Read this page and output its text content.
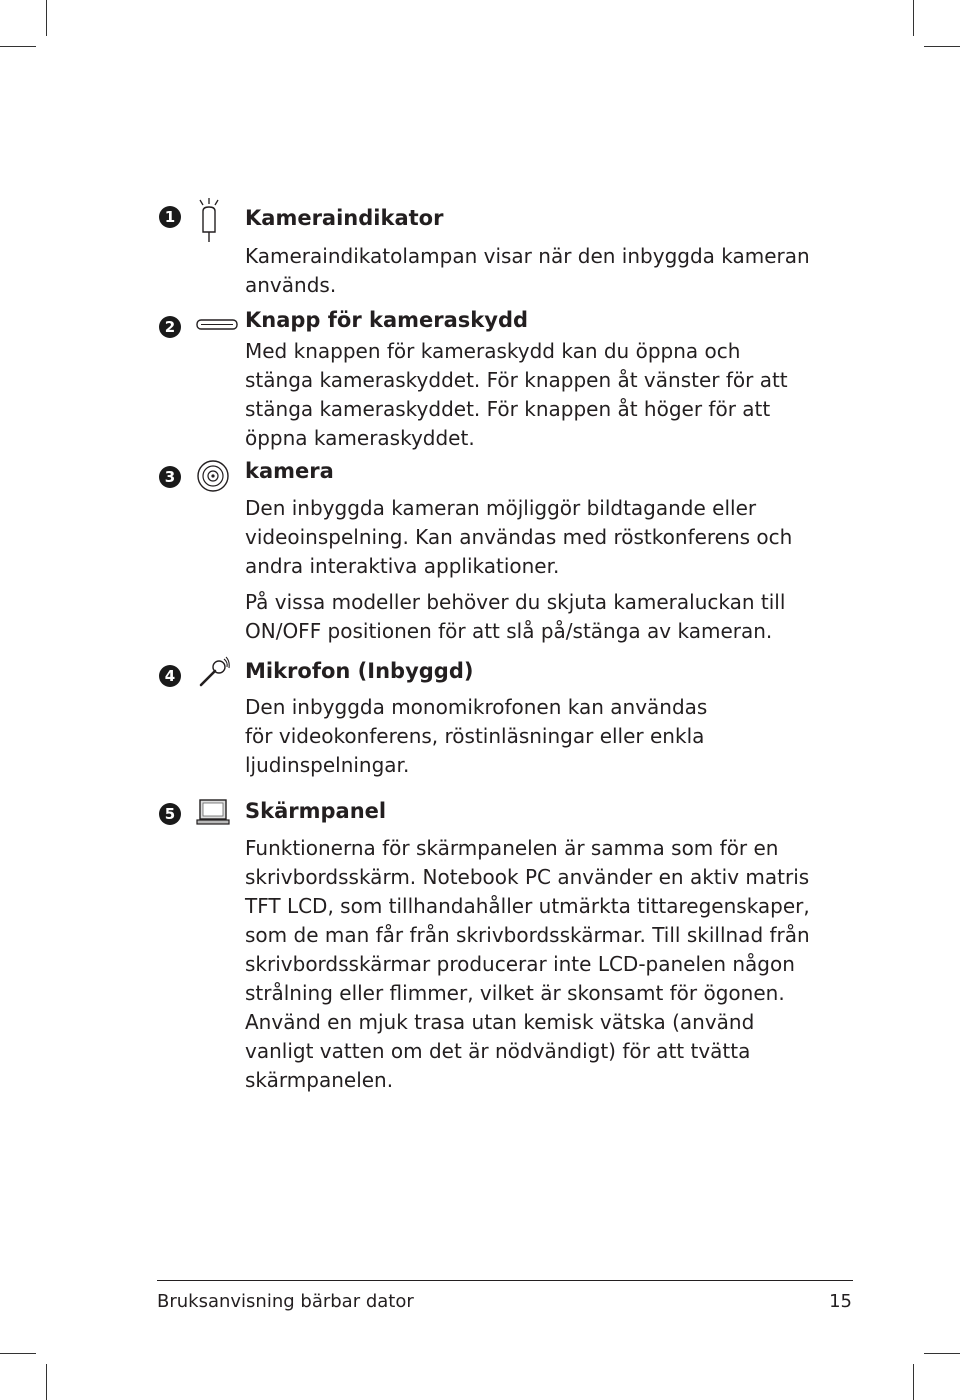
1	Kameraindikator

Kameraindikatolampan visar när den inbyggda kameran
används.

2	Knapp för kameraskydd

Med knappen för kameraskydd kan du öppna och
stänga kameraskyddet. För knappen åt vänster för att
stänga kameraskyddet. För knappen åt höger för att
öppna kameraskyddet.

3	kamera

Den inbyggda kameran möjliggör bildtagande eller
videoinspelning. Kan användas med röstkonferens och
andra interaktiva applikationer.

På vissa modeller behöver du skjuta kameraluckan till
ON/OFF positionen för att slå på/stänga av kameran.

4	Mikrofon (Inbyggd)

Den inbyggda monomikrofonen kan användas
för videokonferens, röstinläsningar eller enkla
ljudinspelningar.

5	Skärmpanel

Funktionerna för skärmpanelen är samma som för en
skrivbordsskärm. Notebook PC använder en aktiv matris
TFT LCD, som tillhandahåller utmärkta tittaregenskaper,
som de man får från skrivbordsskärmar. Till skillnad från
skrivbordsskärmar producerar inte LCD-panelen någon
strålning eller flimmer, vilket är skonsamt för ögonen.
Använd en mjuk trasa utan kemisk vätska (använd
vanligt vatten om det är nödvändigt) för att tvätta
skärmpanelen.

Bruksanvisning bärbar dator	15
